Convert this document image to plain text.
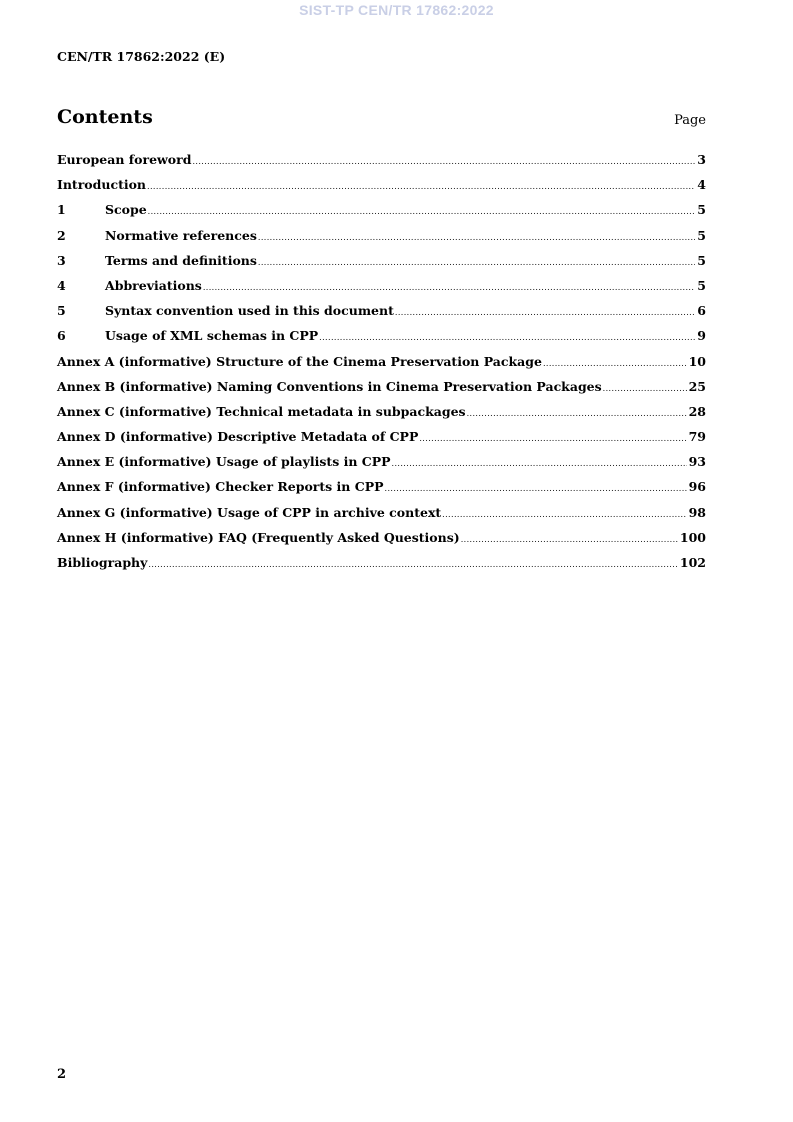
SIST-TP CEN/TR 17862:2022
CEN/TR 17862:2022 (E)
Contents	Page
European foreword .....	3
Introduction .....	4
1	Scope .....	5
2	Normative references .....	5
3	Terms and definitions .....	5
4	Abbreviations .....	5
5	Syntax convention used in this document .....	6
6	Usage of XML schemas in CPP .....	9
Annex A (informative) Structure of the Cinema Preservation Package .....	10
Annex B (informative) Naming Conventions in Cinema Preservation Packages .....	25
Annex C (informative) Technical metadata in subpackages .....	28
Annex D (informative) Descriptive Metadata of CPP .....	79
Annex E (informative) Usage of playlists in CPP .....	93
Annex F (informative) Checker Reports in CPP .....	96
Annex G (informative) Usage of CPP in archive context .....	98
Annex H (informative) FAQ (Frequently Asked Questions) .....	100
Bibliography .....	102
2
